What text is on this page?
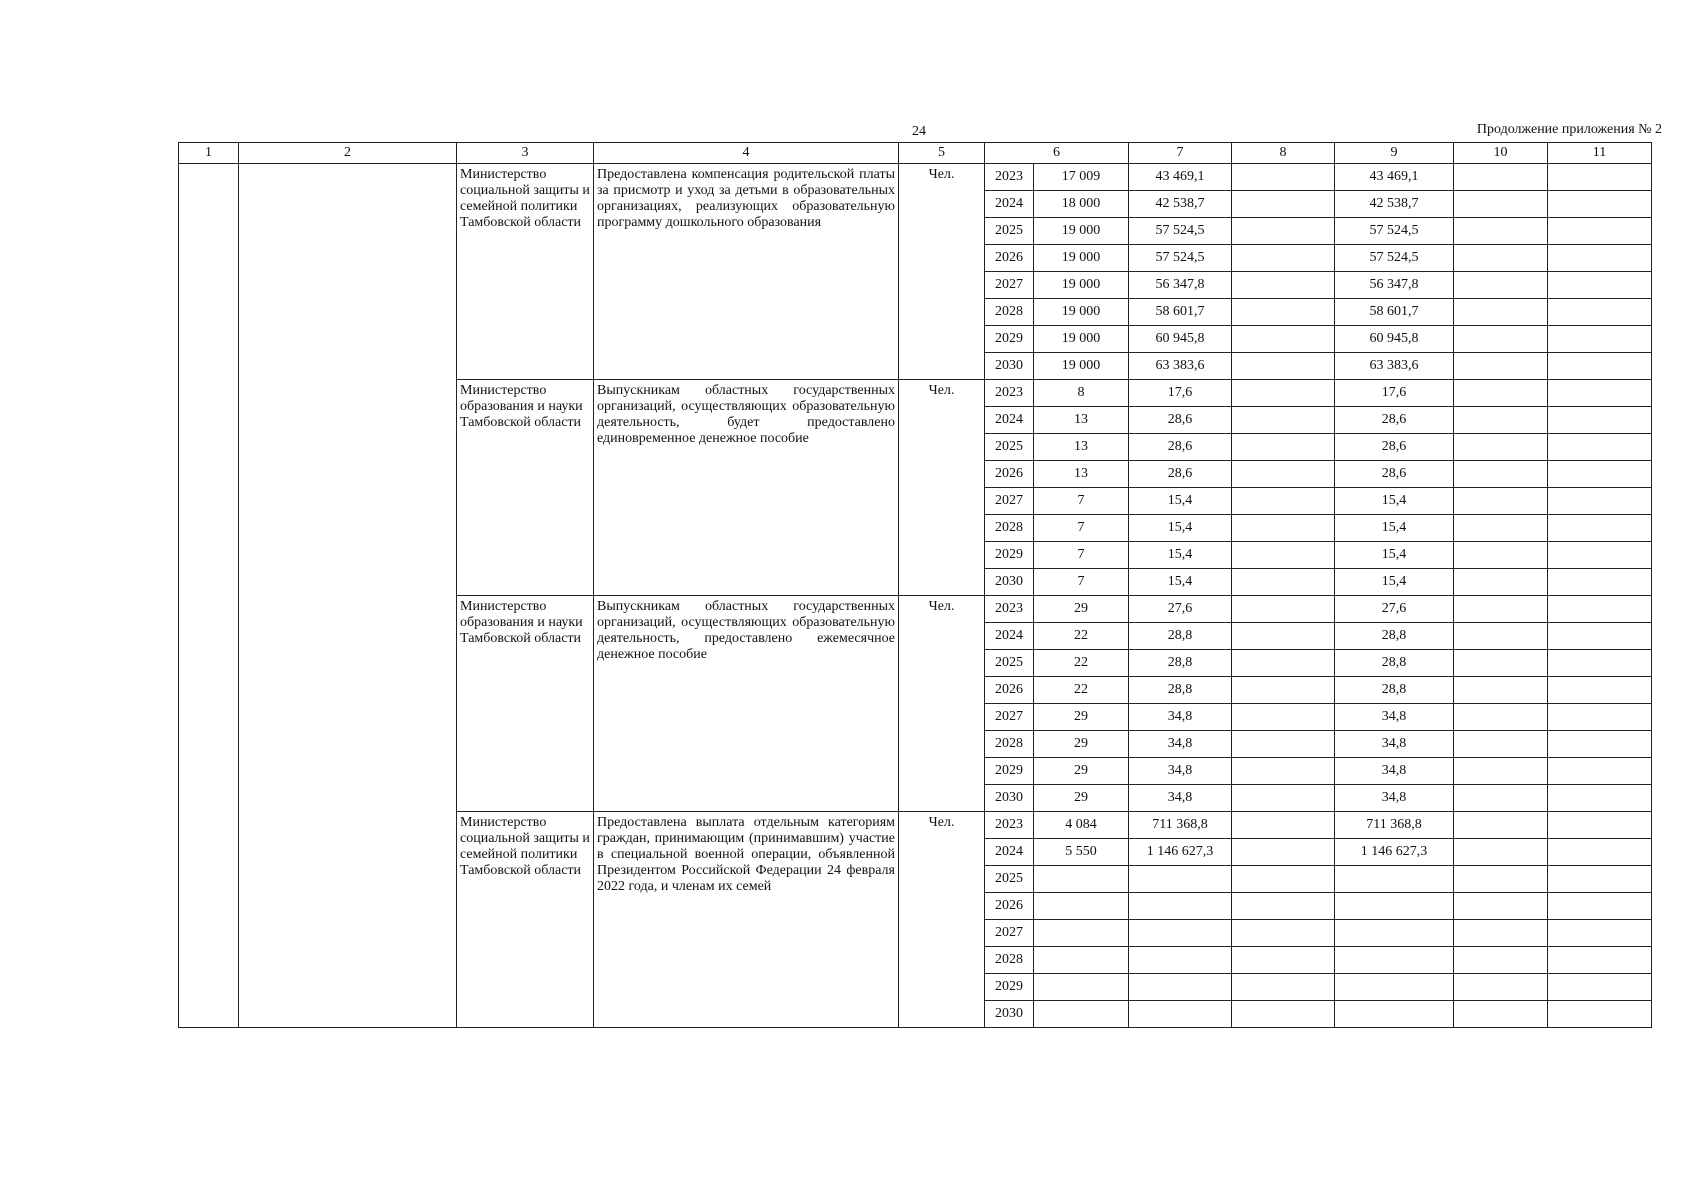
24	Продолжение приложения № 2
1	2	3	4	5	6		7	8	9	10	11
		Министерство социальной защиты и семейной политики Тамбовской области	Предоставлена компенсация родительской платы за присмотр и уход за детьми в образовательных организациях, реализующих образовательную программу дошкольного образования	Чел.	2023	17 009	43 469,1		43 469,1		
					2024	18 000	42 538,7		42 538,7		
					2025	19 000	57 524,5		57 524,5		
					2026	19 000	57 524,5		57 524,5		
					2027	19 000	56 347,8		56 347,8		
					2028	19 000	58 601,7		58 601,7		
					2029	19 000	60 945,8		60 945,8		
					2030	19 000	63 383,6		63 383,6		
		Министерство образования и науки Тамбовской области	Выпускникам областных государственных организаций, осуществляющих образовательную деятельность, будет предоставлено единовременное денежное пособие	Чел.	2023	8	17,6		17,6		
					2024	13	28,6		28,6		
					2025	13	28,6		28,6		
					2026	13	28,6		28,6		
					2027	7	15,4		15,4		
					2028	7	15,4		15,4		
					2029	7	15,4		15,4		
					2030	7	15,4		15,4		
		Министерство образования и науки Тамбовской области	Выпускникам областных государственных организаций, осуществляющих образовательную деятельность, предоставлено ежемесячное денежное пособие	Чел.	2023	29	27,6		27,6		
					2024	22	28,8		28,8		
					2025	22	28,8		28,8		
					2026	22	28,8		28,8		
					2027	29	34,8		34,8		
					2028	29	34,8		34,8		
					2029	29	34,8		34,8		
					2030	29	34,8		34,8		
		Министерство социальной защиты и семейной политики Тамбовской области	Предоставлена выплата отдельным категориям граждан, принимающим (принимавшим) участие в специальной военной операции, объявленной Президентом Российской Федерации 24 февраля 2022 года, и членам их семей	Чел.	2023	4 084	711 368,8		711 368,8		
					2024	5 550	1 146 627,3		1 146 627,3		
					2025						
					2026						
					2027						
					2028						
					2029						
					2030						
